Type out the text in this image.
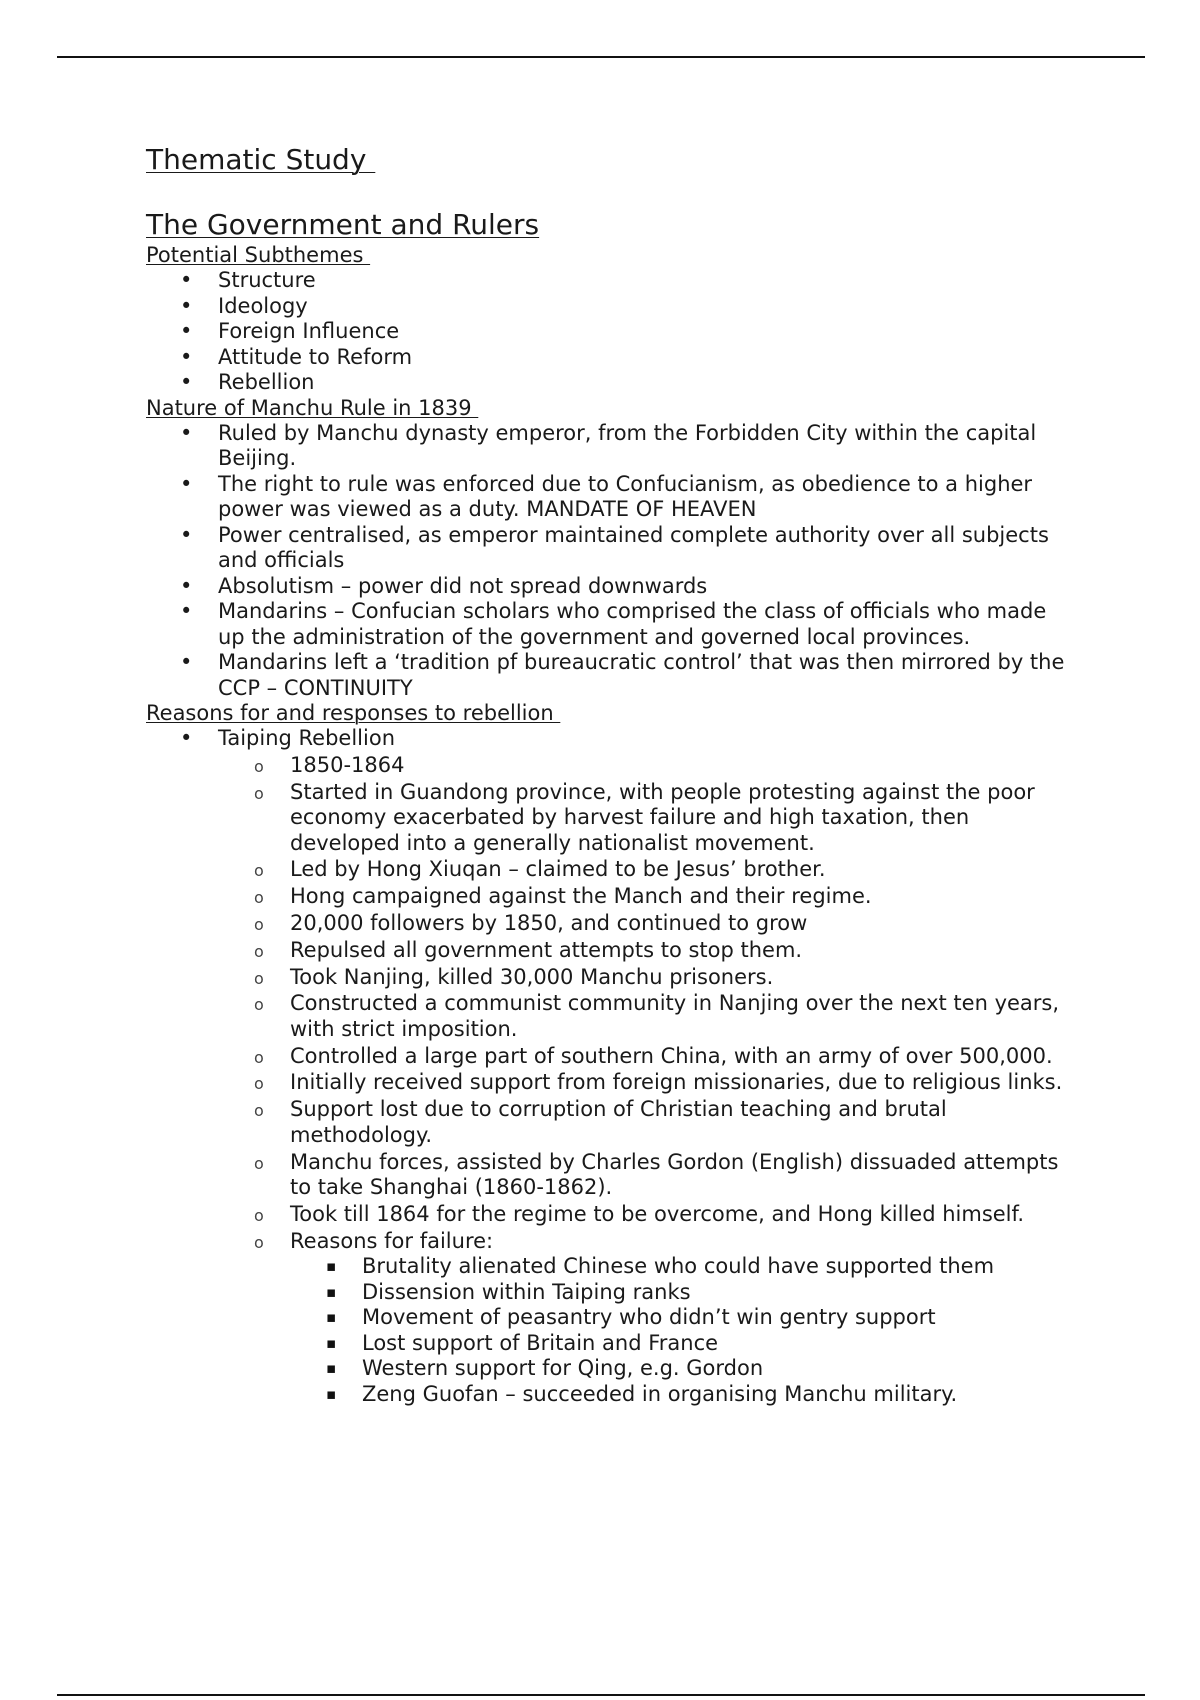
Thematic Study
The Government and Rulers
Potential Subthemes
• Structure
• Ideology
• Foreign Influence
• Attitude to Reform
• Rebellion
Nature of Manchu Rule in 1839
• Ruled by Manchu dynasty emperor, from the Forbidden City within the capital Beijing.
• The right to rule was enforced due to Confucianism, as obedience to a higher power was viewed as a duty. MANDATE OF HEAVEN
• Power centralised, as emperor maintained complete authority over all subjects and officials
• Absolutism – power did not spread downwards
• Mandarins – Confucian scholars who comprised the class of officials who made up the administration of the government and governed local provinces.
• Mandarins left a ‘tradition pf bureaucratic control’ that was then mirrored by the CCP – CONTINUITY
Reasons for and responses to rebellion
• Taiping Rebellion
o 1850-1864
o Started in Guandong province, with people protesting against the poor economy exacerbated by harvest failure and high taxation, then developed into a generally nationalist movement.
o Led by Hong Xiuqan – claimed to be Jesus’ brother.
o Hong campaigned against the Manch and their regime.
o 20,000 followers by 1850, and continued to grow
o Repulsed all government attempts to stop them.
o Took Nanjing, killed 30,000 Manchu prisoners.
o Constructed a communist community in Nanjing over the next ten years, with strict imposition.
o Controlled a large part of southern China, with an army of over 500,000.
o Initially received support from foreign missionaries, due to religious links.
o Support lost due to corruption of Christian teaching and brutal methodology.
o Manchu forces, assisted by Charles Gordon (English) dissuaded attempts to take Shanghai (1860-1862).
o Took till 1864 for the regime to be overcome, and Hong killed himself.
o Reasons for failure:
▪ Brutality alienated Chinese who could have supported them
▪ Dissension within Taiping ranks
▪ Movement of peasantry who didn’t win gentry support
▪ Lost support of Britain and France
▪ Western support for Qing, e.g. Gordon
▪ Zeng Guofan – succeeded in organising Manchu military.
